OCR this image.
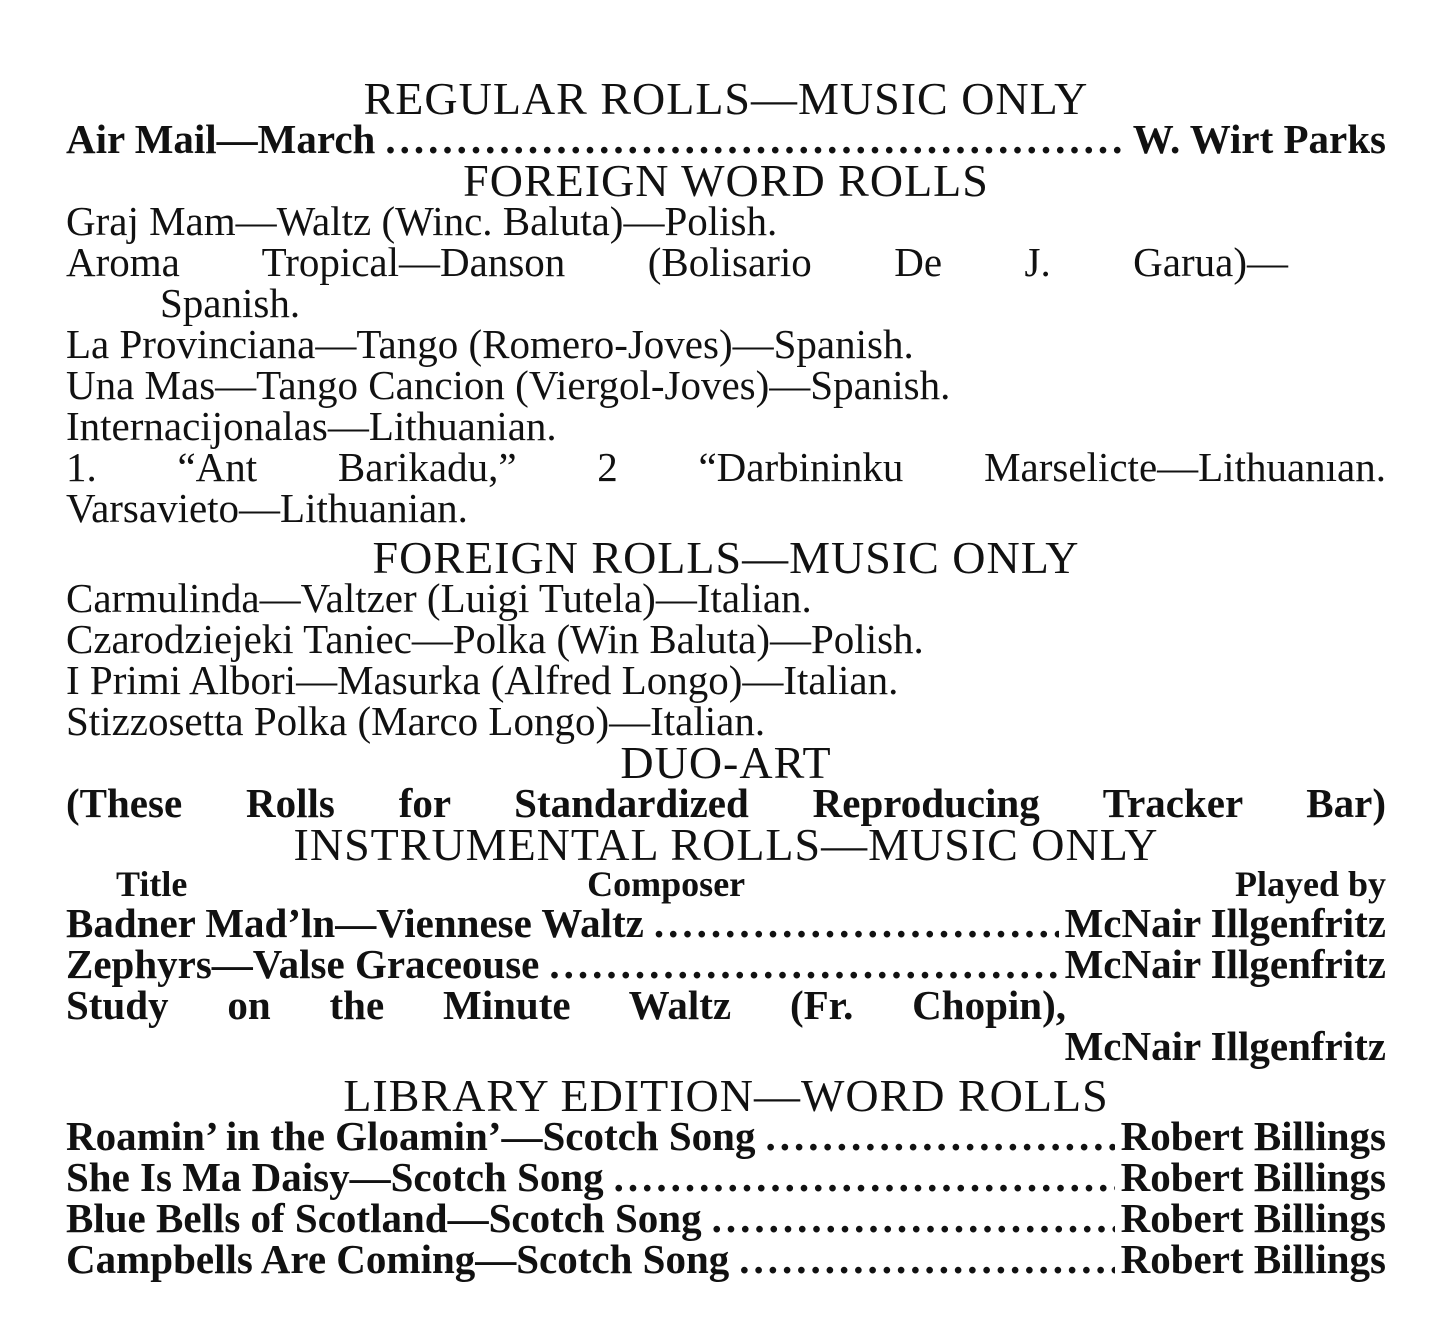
REGULAR ROLLS—MUSIC ONLY
Air Mail—March .....	W. Wirt Parks
FOREIGN WORD ROLLS
Graj Mam—Waltz (Winc. Baluta)—Polish.
Aroma Tropical—Danson (Bolisario De J. Garua)—
Spanish.
La Provinciana—Tango (Romero-Joves)—Spanish.
Una Mas—Tango Cancion (Viergol-Joves)—Spanish.
Internacijonalas—Lithuanian.
1. “Ant Barikadu,” 2 “Darbininku Marselicte—Lithuanıan.
Varsavieto—Lithuanian.
FOREIGN ROLLS—MUSIC ONLY
Carmulinda—Valtzer (Luigi Tutela)—Italian.
Czarodziejeki Taniec—Polka (Win Baluta)—Polish.
I Primi Albori—Masurka (Alfred Longo)—Italian.
Stizzosetta Polka (Marco Longo)—Italian.
DUO-ART
(These Rolls for Standardized Reproducing Tracker Bar)
INSTRUMENTAL ROLLS—MUSIC ONLY
Title	Composer	Played by
Badner Mad’ln—Viennese Waltz .....	McNair Illgenfritz
Zephyrs—Valse Graceouse .....	McNair Illgenfritz
Study on the Minute Waltz (Fr. Chopin),
McNair Illgenfritz
LIBRARY EDITION—WORD ROLLS
Roamin’ in the Gloamin’—Scotch Song .....	Robert Billings
She Is Ma Daisy—Scotch Song .....	Robert Billings
Blue Bells of Scotland—Scotch Song .....	Robert Billings
Campbells Are Coming—Scotch Song .....	Robert Billings
